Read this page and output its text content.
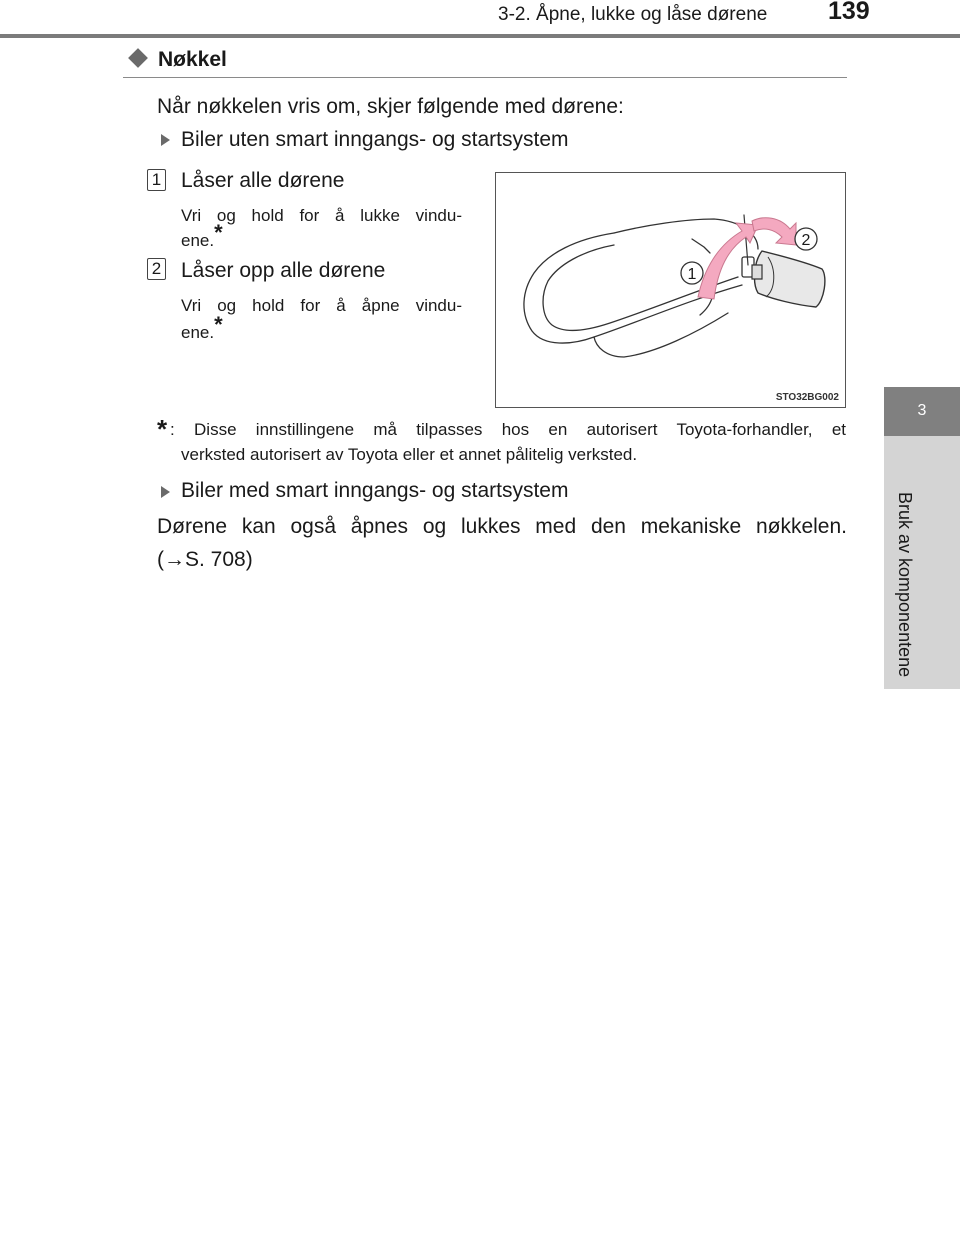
3-2. Åpne, lukke og låse dørene 139
3
Bruk av komponentene
Nøkkel
Når nøkkelen vris om, skjer følgende med dørene:
Biler uten smart inngangs- og startsystem
1 Låser alle dørene
Vri og hold for å lukke vindu-
ene.*
2 Låser opp alle dørene
Vri og hold for å åpne vindu-
ene.*
1
2
STO32BG002
* : Disse innstillingene må tilpasses hos en autorisert Toyota-forhandler, et
verksted autorisert av Toyota eller et annet pålitelig verksted.
Biler med smart inngangs- og startsystem
Dørene kan også åpnes og lukkes med den mekaniske nøkkelen.
(→S. 708)
